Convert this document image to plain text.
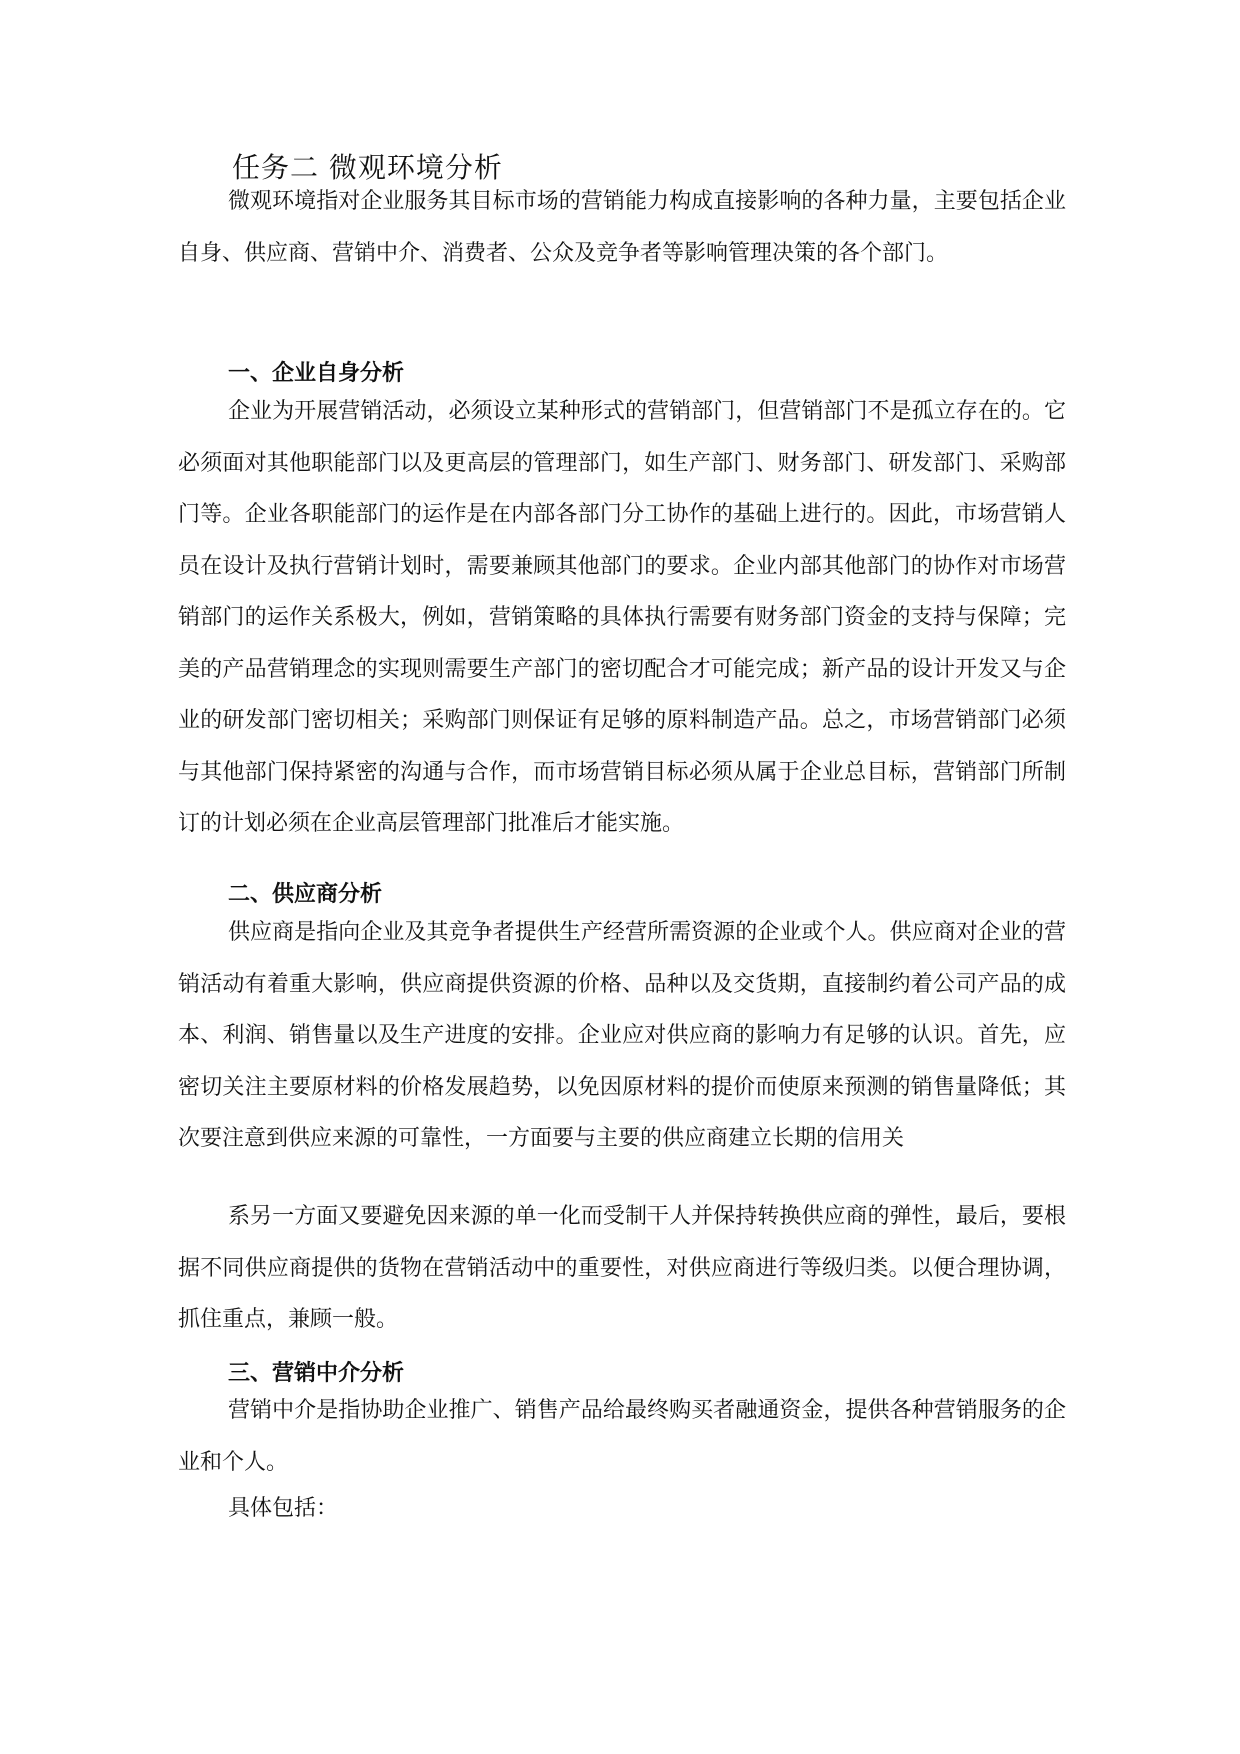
任务二 微观环境分析

微观环境指对企业服务其目标市场的营销能力构成直接影响的各种力量，主要包括企业自身、供应商、营销中介、消费者、公众及竞争者等影响管理决策的各个部门。

一、企业自身分析

企业为开展营销活动，必须设立某种形式的营销部门，但营销部门不是孤立存在的。它必须面对其他职能部门以及更高层的管理部门，如生产部门、财务部门、研发部门、采购部门等。企业各职能部门的运作是在内部各部门分工协作的基础上进行的。因此，市场营销人员在设计及执行营销计划时，需要兼顾其他部门的要求。企业内部其他部门的协作对市场营销部门的运作关系极大，例如，营销策略的具体执行需要有财务部门资金的支持与保障；完美的产品营销理念的实现则需要生产部门的密切配合才可能完成；新产品的设计开发又与企业的研发部门密切相关；采购部门则保证有足够的原料制造产品。总之，市场营销部门必须与其他部门保持紧密的沟通与合作，而市场营销目标必须从属于企业总目标，营销部门所制订的计划必须在企业高层管理部门批准后才能实施。

二、供应商分析

供应商是指向企业及其竞争者提供生产经营所需资源的企业或个人。供应商对企业的营销活动有着重大影响，供应商提供资源的价格、品种以及交货期，直接制约着公司产品的成本、利润、销售量以及生产进度的安排。企业应对供应商的影响力有足够的认识。首先，应密切关注主要原材料的价格发展趋势，以免因原材料的提价而使原来预测的销售量降低；其次要注意到供应来源的可靠性，一方面要与主要的供应商建立长期的信用关

系另一方面又要避免因来源的单一化而受制干人并保持转换供应商的弹性，最后，要根据不同供应商提供的货物在营销活动中的重要性，对供应商进行等级归类。以便合理协调，抓住重点，兼顾一般。

三、营销中介分析

营销中介是指协助企业推广、销售产品给最终购买者融通资金，提供各种营销服务的企业和个人。

具体包括：
